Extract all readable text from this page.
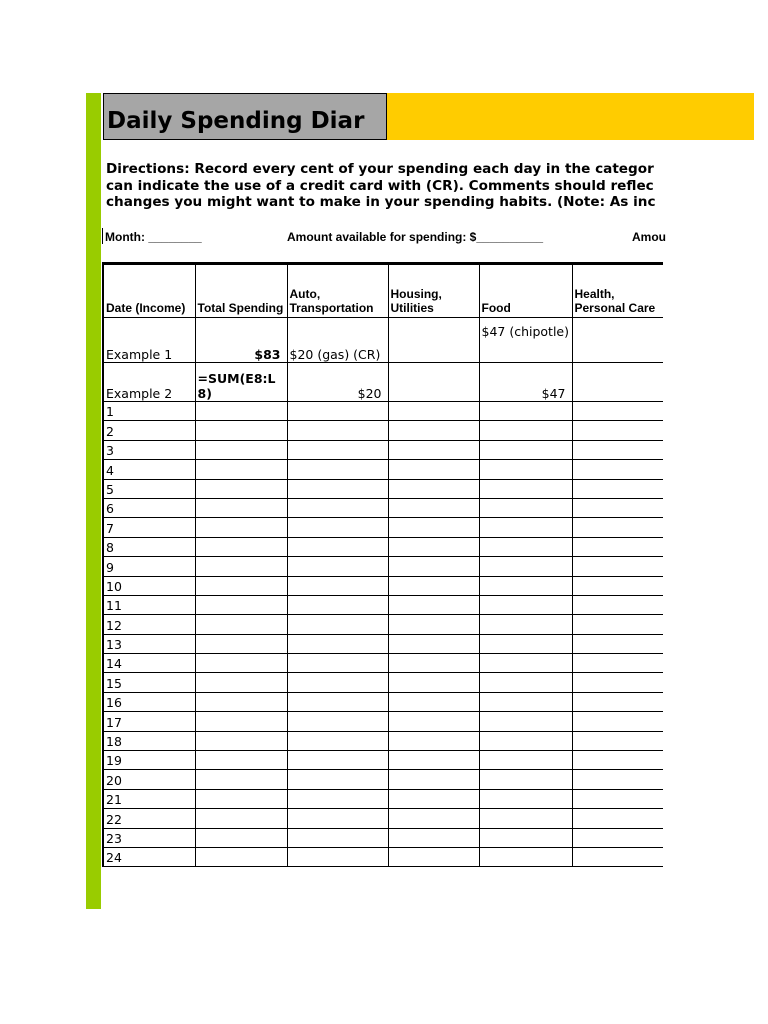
Daily Spending Diar
Directions: Record every cent of your spending each day in the categor
can indicate the use of a credit card with (CR). Comments should reflec
changes you might want to make in your spending habits. (Note: As inc
Month: ________	Amount available for spending: $__________	Amou
Date (Income)	Total Spending	Auto, Transportation	Housing, Utilities	Food	Health, Personal Care
Example 1	$83	$20 (gas) (CR)		$47 (chipotle)	
Example 2	=SUM(E8:L8)	$20		$47	
1					
2					
3					
4					
5					
6					
7					
8					
9					
10					
11					
12					
13					
14					
15					
16					
17					
18					
19					
20					
21					
22					
23					
24					
